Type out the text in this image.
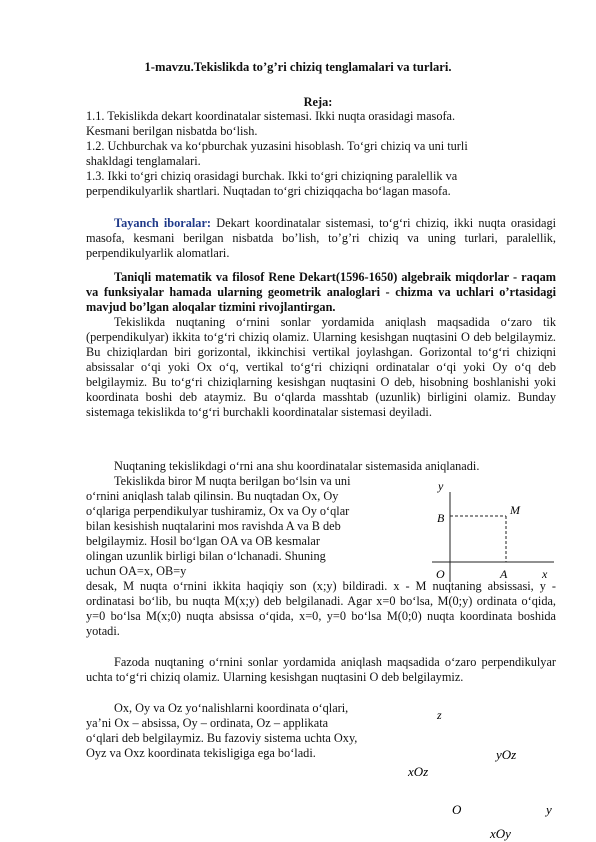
1-mavzu.Tekislikda to’g’ri chiziq tenglamalari va turlari.
Reja:
1.1. Tekislikda dekart koordinatalar sistemasi. Ikki nuqta orasidagi masofa.
Kesmani berilgan nisbatda bo‘lish.
1.2. Uchburchak va ko‘pburchak yuzasini hisoblash. To‘gri chiziq va uni turli
shakldagi tenglamalari.
1.3. Ikki to‘gri chiziq orasidagi burchak. Ikki to‘gri chiziqning paralellik va
perpendikulyarlik shartlari. Nuqtadan to‘gri chiziqqacha bo‘lagan masofa.
Tayanch iboralar: Dekart koordinatalar sistemasi, to‘g‘ri chiziq, ikki nuqta orasidagi masofa, kesmani berilgan nisbatda bo’lish, to’g’ri chiziq va uning turlari, paralellik, perpendikulyarlik alomatlari.
Taniqli matematik va filosof Rene Dekart(1596-1650) algebraik miqdorlar - raqam va funksiyalar hamada ularning geometrik analoglari - chizma va uchlari o’rtasidagi mavjud bo’lgan aloqalar tizmini rivojlantirgan.
Tekislikda nuqtaning o‘rnini sonlar yordamida aniqlash maqsadida o‘zaro tik (perpendikulyar) ikkita to‘g‘ri chiziq olamiz. Ularning kesishgan nuqtasini O deb belgilaymiz. Bu chiziqlardan biri gorizontal, ikkinchisi vertikal joylashgan. Gorizontal to‘g‘ri chiziqni absissalar o‘qi yoki Ox o‘q, vertikal to‘g‘ri chiziqni ordinatalar o‘qi yoki Oy o‘q deb belgilaymiz. Bu to‘g‘ri chiziqlarning kesishgan nuqtasini O deb, hisobning boshlanishi yoki koordinata boshi deb ataymiz. Bu o‘qlarda masshtab (uzunlik) birligini olamiz. Bunday sistemaga tekislikda to‘g‘ri burchakli koordinatalar sistemasi deyiladi.
Nuqtaning tekislikdagi o‘rni ana shu koordinatalar sistemasida aniqlanadi.
Tekislikda biror M nuqta berilgan bo‘lsin va uni
o‘rnini aniqlash talab qilinsin. Bu nuqtadan Ox, Oy
o‘qlariga perpendikulyar tushiramiz, Ox va Oy o‘qlar
bilan kesishish nuqtalarini mos ravishda A va B deb
belgilaymiz. Hosil bo‘lgan OA va OB kesmalar
olingan uzunlik birligi bilan o‘lchanadi. Shuning
uchun OA=x, OB=y
y
x
O	A
B
M
desak, M nuqta o‘rnini ikkita haqiqiy son (x;y) bildiradi. x - M nuqtaning absissasi, y - ordinatasi bo‘lib, bu nuqta M(x;y) deb belgilanadi. Agar x=0 bo‘lsa, M(0;y) ordinata o‘qida, y=0 bo‘lsa M(x;0) nuqta absissa o‘qida, x=0, y=0 bo‘lsa M(0;0) nuqta koordinata boshida yotadi.
Fazoda nuqtaning o‘rnini sonlar yordamida aniqlash maqsadida o‘zaro perpendikulyar uchta to‘g‘ri chiziq olamiz. Ularning kesishgan nuqtasini O deb belgilaymiz.
Ox, Oy va Oz yo‘nalishlarni koordinata o‘qlari,
ya’ni Ox – absissa, Oy – ordinata, Oz – applikata
o‘qlari deb belgilaymiz. Bu fazoviy sistema uchta Oxy,
Oyz va Oxz koordinata tekisligiga ega bo‘ladi.
z
yOz
xOz
O	y
xOy
